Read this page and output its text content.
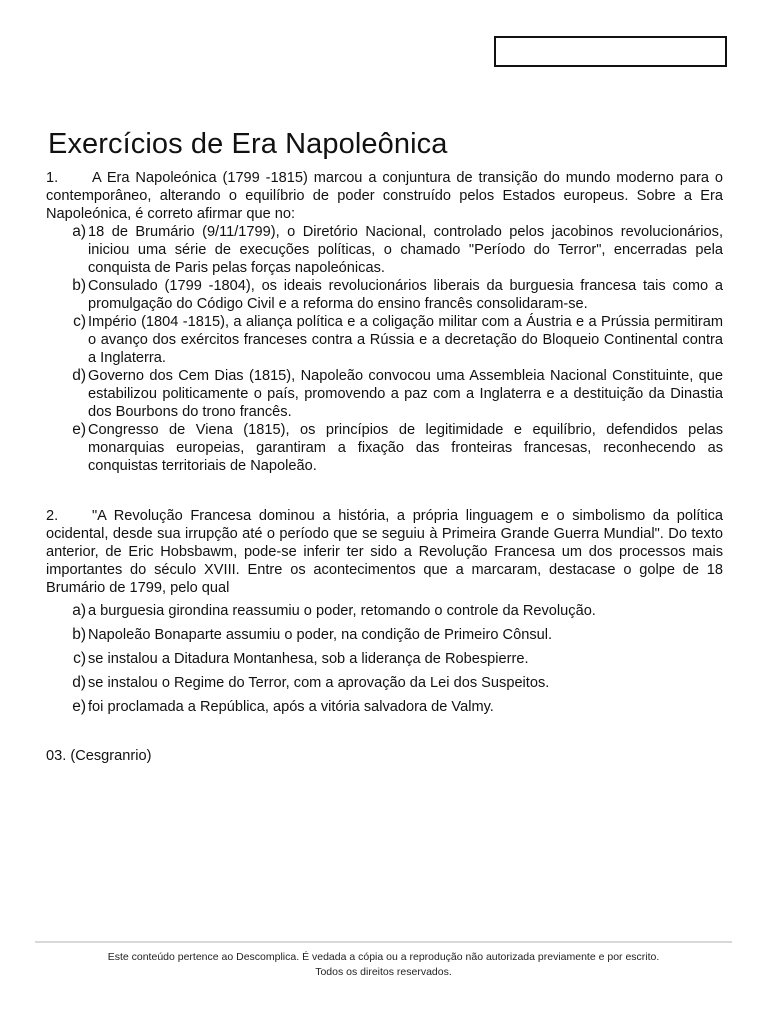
Exercícios de Era Napoleônica
1. A Era Napoleónica (1799 -1815) marcou a conjuntura de transição do mundo moderno para o contemporâneo, alterando o equilíbrio de poder construído pelos Estados europeus. Sobre a Era Napoleónica, é correto afirmar que no:
a) 18 de Brumário (9/11/1799), o Diretório Nacional, controlado pelos jacobinos revolucionários, iniciou uma série de execuções políticas, o chamado "Período do Terror", encerradas pela conquista de Paris pelas forças napoleónicas.
b) Consulado (1799 -1804), os ideais revolucionários liberais da burguesia francesa tais como a promulgação do Código Civil e a reforma do ensino francês consolidaram-se.
c) Império (1804 -1815), a aliança política e a coligação militar com a Áustria e a Prússia permitiram o avanço dos exércitos franceses contra a Rússia e a decretação do Bloqueio Continental contra a Inglaterra.
d) Governo dos Cem Dias (1815), Napoleão convocou uma Assembleia Nacional Constituinte, que estabilizou politicamente o país, promovendo a paz com a Inglaterra e a destituição da Dinastia dos Bourbons do trono francês.
e) Congresso de Viena (1815), os princípios de legitimidade e equilíbrio, defendidos pelas monarquias europeias, garantiram a fixação das fronteiras francesas, reconhecendo as conquistas territoriais de Napoleão.
2. "A Revolução Francesa dominou a história, a própria linguagem e o simbolismo da política ocidental, desde sua irrupção até o período que se seguiu à Primeira Grande Guerra Mundial". Do texto anterior, de Eric Hobsbawm, pode-se inferir ter sido a Revolução Francesa um dos processos mais importantes do século XVIII. Entre os acontecimentos que a marcaram, destacase o golpe de 18 Brumário de 1799, pelo qual
a) a burguesia girondina reassumiu o poder, retomando o controle da Revolução.
b) Napoleão Bonaparte assumiu o poder, na condição de Primeiro Cônsul.
c) se instalou a Ditadura Montanhesa, sob a liderança de Robespierre.
d) se instalou o Regime do Terror, com a aprovação da Lei dos Suspeitos.
e) foi proclamada a República, após a vitória salvadora de Valmy.
03. (Cesgranrio)
Este conteúdo pertence ao Descomplica. É vedada a cópia ou a reprodução não autorizada previamente e por escrito.
Todos os direitos reservados.
